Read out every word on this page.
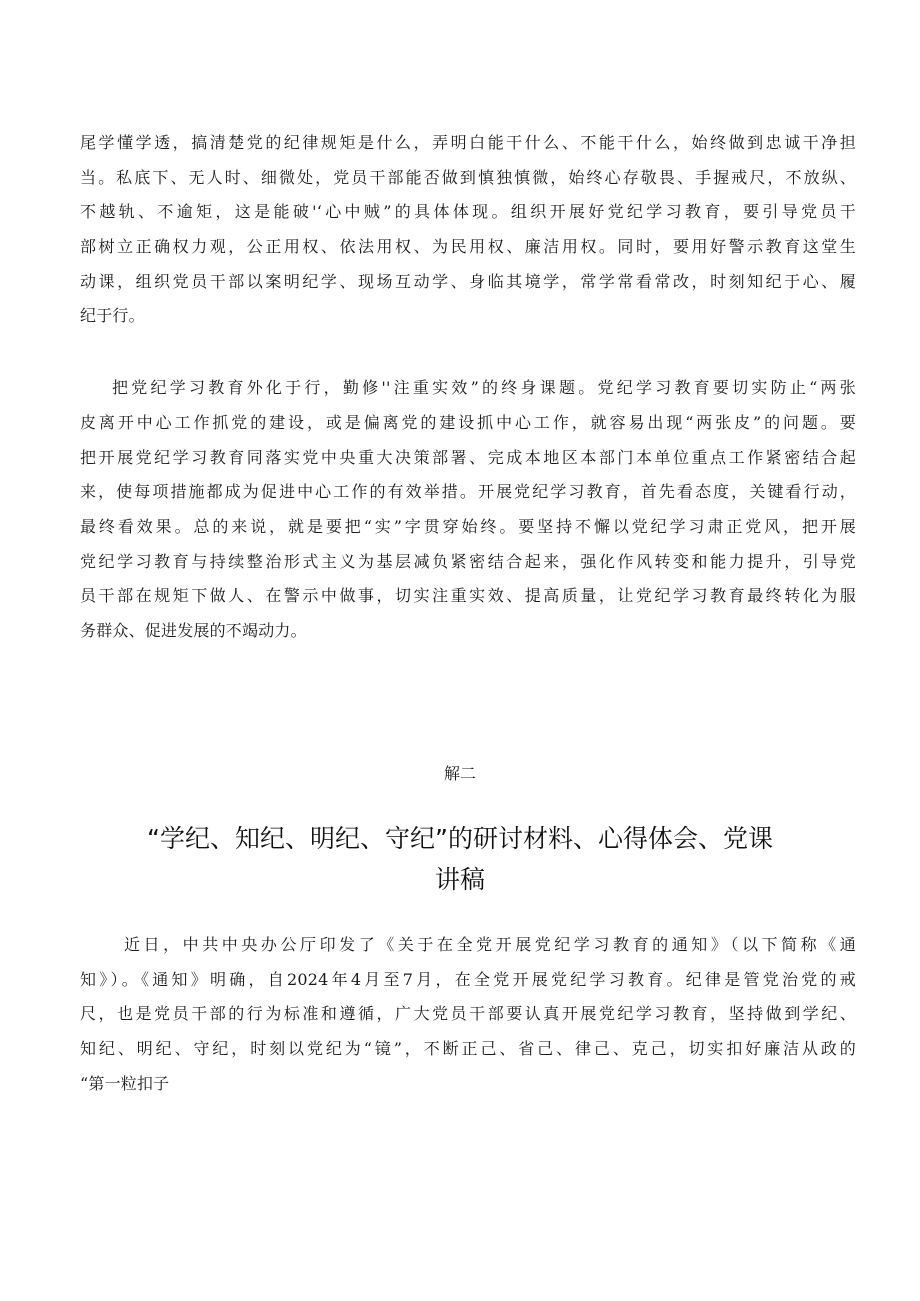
尾学懂学透，搞清楚党的纪律规矩是什么，弄明白能干什么、不能干什么，始终做到忠诚干净担
当。私底下、无人时、细微处，党员干部能否做到慎独慎微，始终心存敬畏、手握戒尺，不放纵、
不越轨、不逾矩，这是能破'‘心中贼”的具体体现。组织开展好党纪学习教育，要引导党员干
部树立正确权力观，公正用权、依法用权、为民用权、廉洁用权。同时，要用好警示教育这堂生
动课，组织党员干部以案明纪学、现场互动学、身临其境学，常学常看常改，时刻知纪于心、履
纪于行。
把党纪学习教育外化于行，勤修''注重实效”的终身课题。党纪学习教育要切实防止“两张
皮离开中心工作抓党的建设，或是偏离党的建设抓中心工作，就容易出现“两张皮”的问题。要
把开展党纪学习教育同落实党中央重大决策部署、完成本地区本部门本单位重点工作紧密结合起
来，使每项措施都成为促进中心工作的有效举措。开展党纪学习教育，首先看态度，关键看行动，
最终看效果。总的来说，就是要把“实”字贯穿始终。要坚持不懈以党纪学习肃正党风，把开展
党纪学习教育与持续整治形式主义为基层减负紧密结合起来，强化作风转变和能力提升，引导党
员干部在规矩下做人、在警示中做事，切实注重实效、提高质量，让党纪学习教育最终转化为服
务群众、促进发展的不竭动力。
解二
“学纪、知纪、明纪、守纪”的研讨材料、心得体会、党课
讲稿
近日，中共中央办公厅印发了《关于在全党开展党纪学习教育的通知》（以下简称《通
知》）。《通知》明确，自2024年4月至7月，在全党开展党纪学习教育。纪律是管党治党的戒
尺，也是党员干部的行为标准和遵循，广大党员干部要认真开展党纪学习教育，坚持做到学纪、
知纪、明纪、守纪，时刻以党纪为“镜”，不断正己、省己、律己、克己，切实扣好廉洁从政的
“第一粒扣子
